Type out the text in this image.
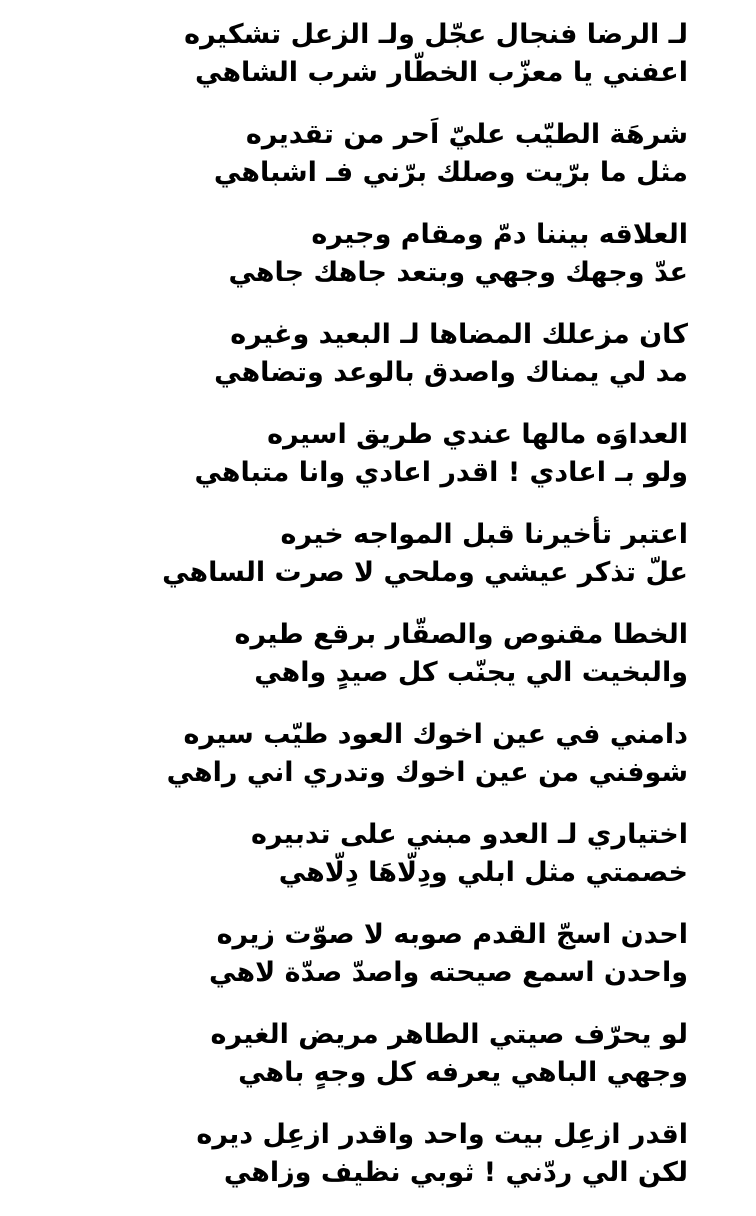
لـ الرضا فنجال عجّل ولـ الزعل تشكيره
اعفني يا معزّب الخطّار شرب الشاهي
شرهَة الطيّب عليّ اَحر من تقديره
مثل ما برّيت وصلك برّني فـ اشباهي
العلاقه بيننا دمّ ومقام وجيره
عدّ وجهك وجهي وبتعد جاهك جاهي
كان مزعلك المضاها لـ البعيد وغيره
مد لي يمناك واصدق بالوعد وتضاهي
العداوَه مالها عندي طريق اسيره
ولو بـ اعادي ! اقدر اعادي وانا متباهي
اعتبر تأخيرنا قبل المواجه خيره
علّ تذكر عيشي وملحي لا صرت الساهي
الخطا مقنوص والصقّار برقع طيره
والبخيت الي يجنّب كل صيدٍ واهي
دامني في عين اخوك العود طيّب سيره
شوفني من عين اخوك وتدري اني راهي
اختياري لـ العدو مبني على تدبيره
خصمتي مثل ابلي ودِلّاهَا دِلّاهي
احدن اسجّ القدم صوبه لا صوّت زيره
واحدن اسمع صيحته واصدّ صدّة لاهي
لو يحرّف صيتي الطاهر مريض الغيره
وجهي الباهي يعرفه كل وجهٍ باهي
اقدر ازعِل بيت واحد واقدر ازعِل ديره
لكن الي ردّني ! ثوبي نظيف وزاهي
